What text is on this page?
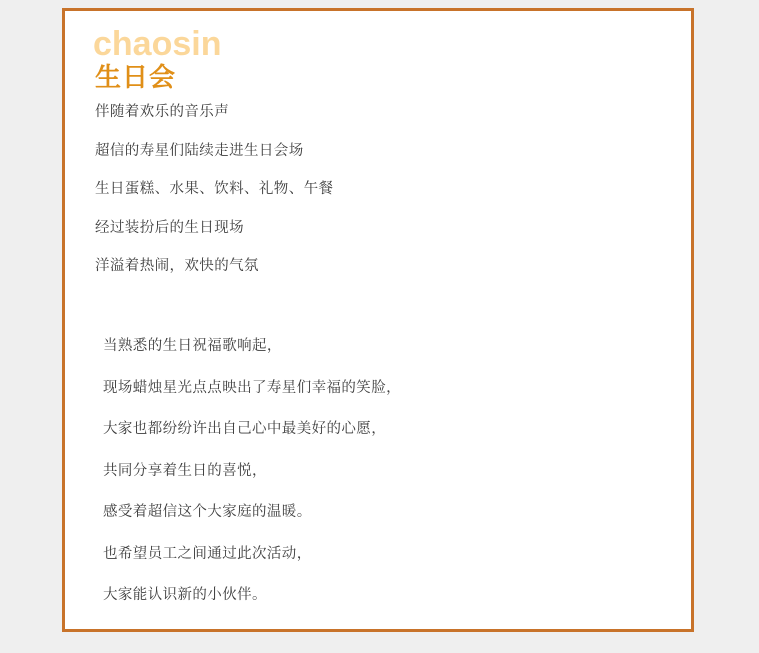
chaosin
生日会
伴随着欢乐的音乐声
超信的寿星们陆续走进生日会场
生日蛋糕、水果、饮料、礼物、午餐
经过装扮后的生日现场
洋溢着热闹，欢快的气氛
当熟悉的生日祝福歌响起，
现场蜡烛星光点点映出了寿星们幸福的笑脸，
大家也都纷纷许出自己心中最美好的心愿，
共同分享着生日的喜悦，
感受着超信这个大家庭的温暖。
也希望员工之间通过此次活动，
大家能认识新的小伙伴。
